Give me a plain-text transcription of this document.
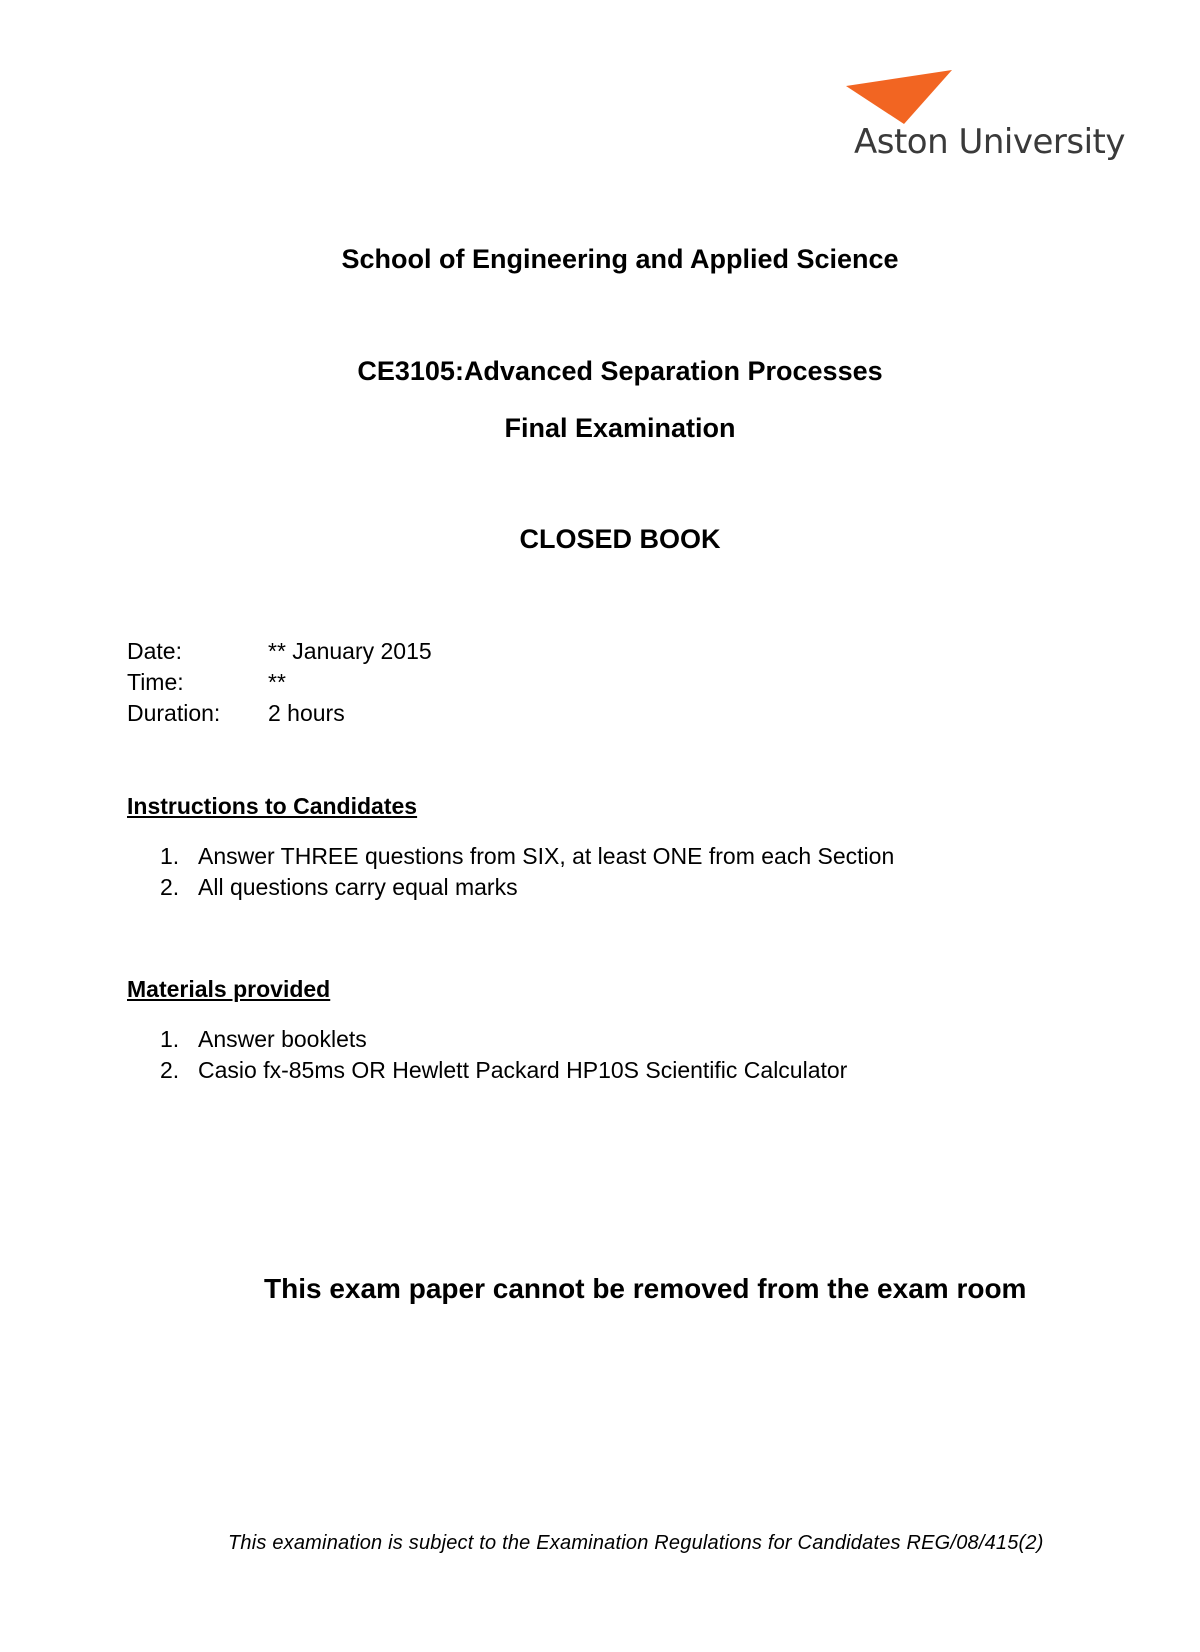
Aston University
School of Engineering and Applied Science
CE3105:Advanced Separation Processes
Final Examination
CLOSED BOOK
Date:	** January 2015
Time:	**
Duration:	2 hours
Instructions to Candidates
1. Answer THREE questions from SIX, at least ONE from each Section
2. All questions carry equal marks
Materials provided
1. Answer booklets
2. Casio fx-85ms OR Hewlett Packard HP10S Scientific Calculator
This exam paper cannot be removed from the exam room
This examination is subject to the Examination Regulations for Candidates REG/08/415(2)
